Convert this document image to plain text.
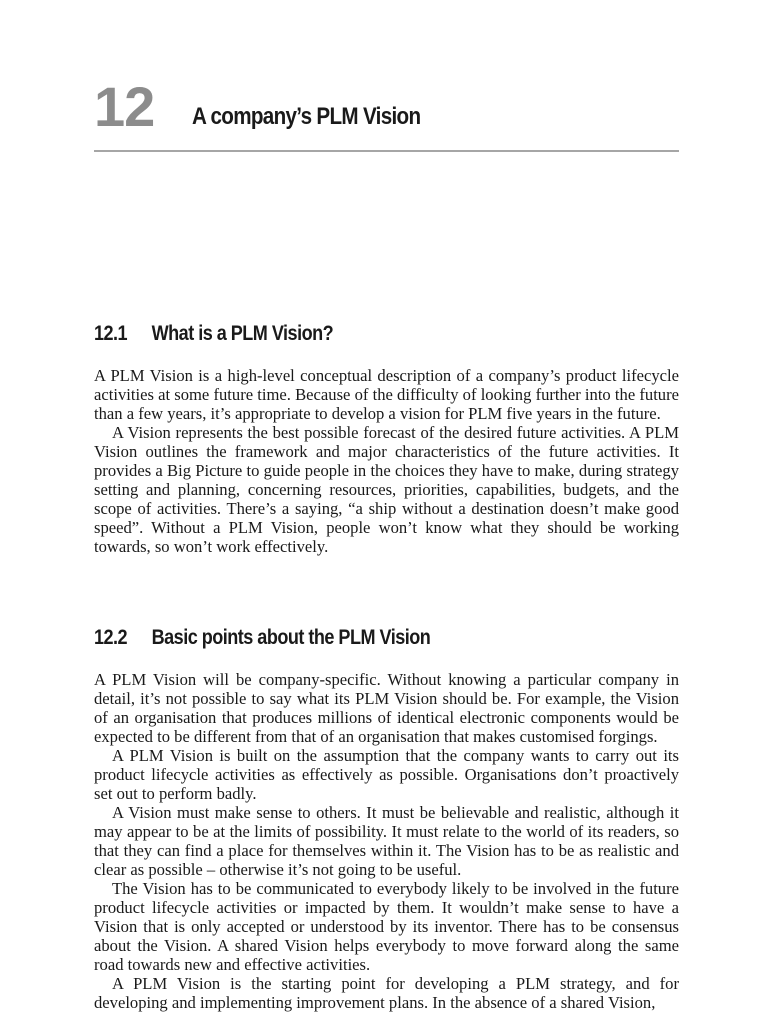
12 A company’s PLM Vision
12.1 What is a PLM Vision?

A PLM Vision is a high-level conceptual description of a company’s product lifecycle activities at some future time. Because of the difficulty of looking further into the future than a few years, it’s appropriate to develop a vision for PLM five years in the future.

A Vision represents the best possible forecast of the desired future activities. A PLM Vision outlines the framework and major characteristics of the future activities. It provides a Big Picture to guide people in the choices they have to make, during strategy setting and planning, concerning resources, priorities, capabilities, budgets, and the scope of activities. There’s a saying, “a ship without a destination doesn’t make good speed”. Without a PLM Vision, people won’t know what they should be working towards, so won’t work effectively.

12.2 Basic points about the PLM Vision

A PLM Vision will be company-specific. Without knowing a particular company in detail, it’s not possible to say what its PLM Vision should be. For example, the Vision of an organisation that produces millions of identical electronic components would be expected to be different from that of an organisation that makes customised forgings.

A PLM Vision is built on the assumption that the company wants to carry out its product lifecycle activities as effectively as possible. Organisations don’t proactively set out to perform badly.

A Vision must make sense to others. It must be believable and realistic, although it may appear to be at the limits of possibility. It must relate to the world of its readers, so that they can find a place for themselves within it. The Vision has to be as realistic and clear as possible – otherwise it’s not going to be useful.

The Vision has to be communicated to everybody likely to be involved in the future product lifecycle activities or impacted by them. It wouldn’t make sense to have a Vision that is only accepted or understood by its inventor. There has to be consensus about the Vision. A shared Vision helps everybody to move forward along the same road towards new and effective activities.

A PLM Vision is the starting point for developing a PLM strategy, and for developing and implementing improvement plans. In the absence of a shared Vision,
